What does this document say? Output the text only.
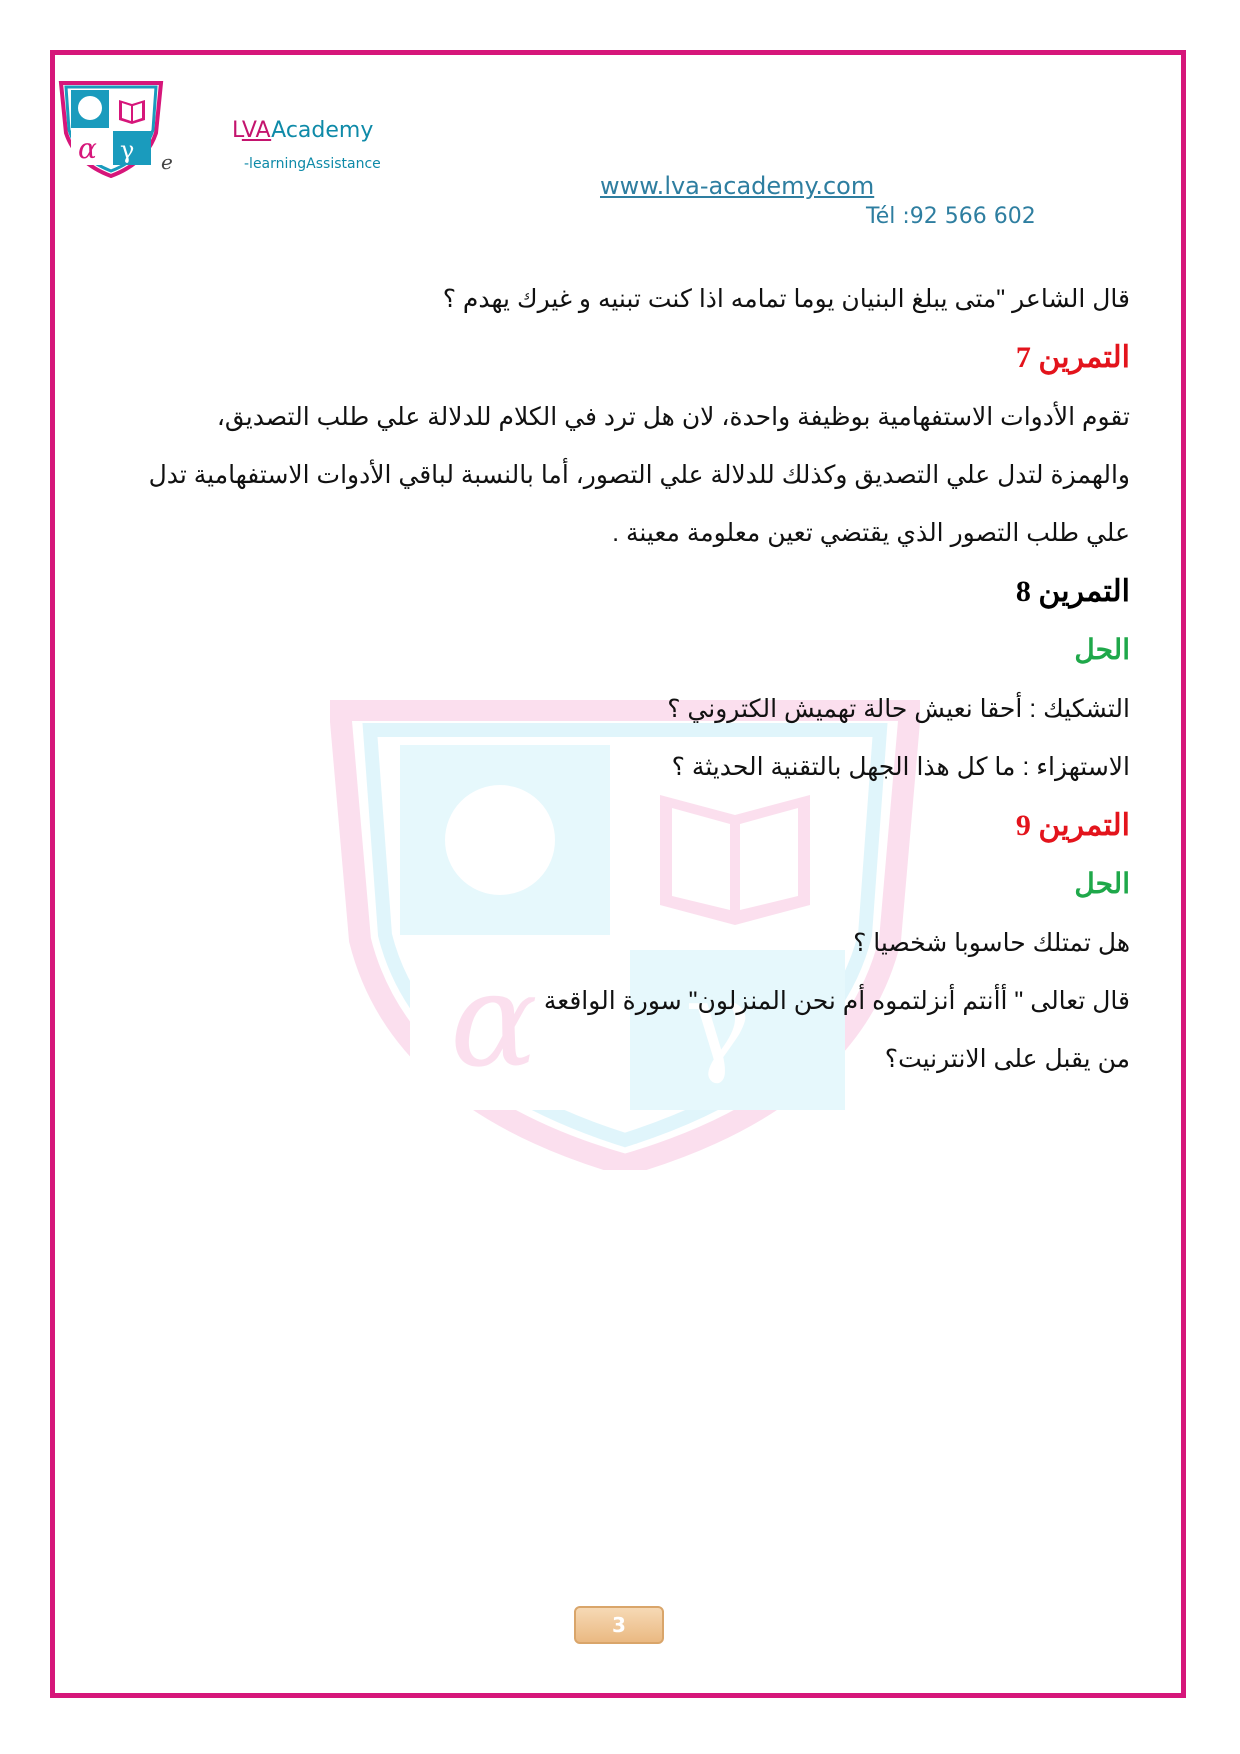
α γ e
LVAAcademy
-learningAssistance
www.lva-academy.com
Tél :92 566 602
α γ

قال الشاعر "متى يبلغ البنيان يوما تمامه اذا كنت تبنيه و غيرك يهدم ؟

التمرين 7

تقوم الأدوات الاستفهامية بوظيفة واحدة، لان هل ترد في الكلام للدلالة علي طلب التصديق،

والهمزة لتدل علي التصديق وكذلك للدلالة علي التصور، أما بالنسبة لباقي الأدوات الاستفهامية تدل

علي طلب التصور الذي يقتضي تعين معلومة معينة .

التمرين 8

الحل

التشكيك : أحقا نعيش حالة تهميش الكتروني ؟

الاستهزاء : ما كل هذا الجهل بالتقنية الحديثة ؟

التمرين 9

الحل

هل تمتلك حاسوبا شخصيا ؟

قال تعالى " أأنتم أنزلتموه أم نحن المنزلون" سورة الواقعة

من يقبل على الانترنيت؟

3
